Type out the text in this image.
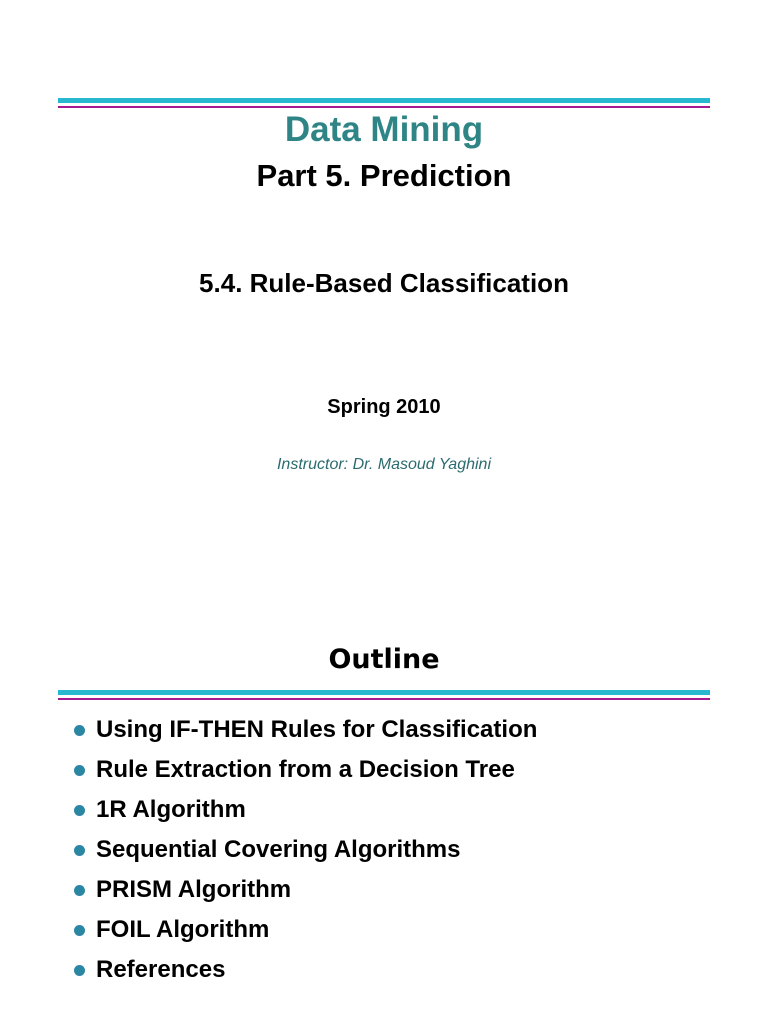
Data Mining
Part 5. Prediction
5.4. Rule-Based Classification
Spring 2010
Instructor: Dr. Masoud Yaghini
Outline
Using IF-THEN Rules for Classification
Rule Extraction from a Decision Tree
1R Algorithm
Sequential Covering Algorithms
PRISM Algorithm
FOIL Algorithm
References
